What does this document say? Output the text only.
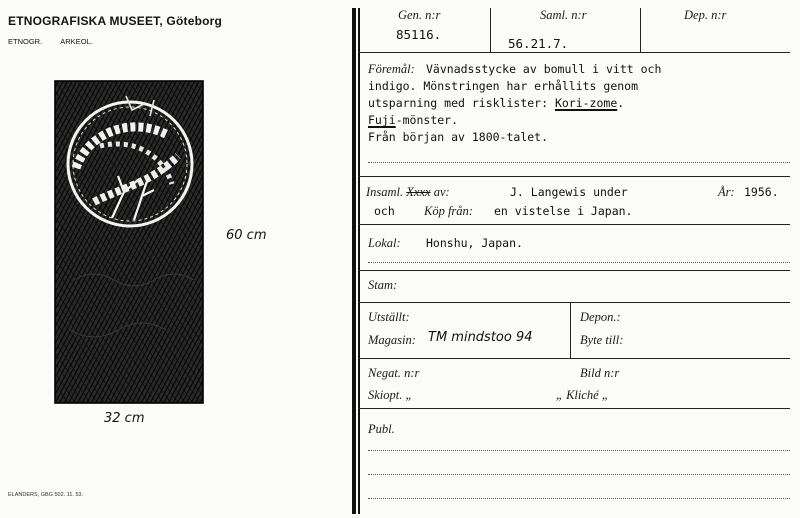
ETNOGRAFISKA MUSEET, Göteborg
ETNOGR. ARKEOL.
60 cm
32 cm
ELANDERS, GBG 502. 11. 53.
Gen. n:r
85116.
Saml. n:r
56.21.7.
Dep. n:r
Föremål: Vävnadsstycke av bomull i vitt och
indigo. Mönstringen har erhållits genom
utsparning med risklister: Kori-zome.
Fuji-mönster.
Från början av 1800-talet.
Insaml. Xxxx av:	J. Langewis under	År: 1956.
och Köp från: en vistelse i Japan.
Lokal: Honshu, Japan.
Stam:
Utställt:
Magasin: TM mindstoo 94
Depon.:
Byte till:
Negat. n:r	Bild n:r
Skiopt. „	„ Kliché „
Publ.
